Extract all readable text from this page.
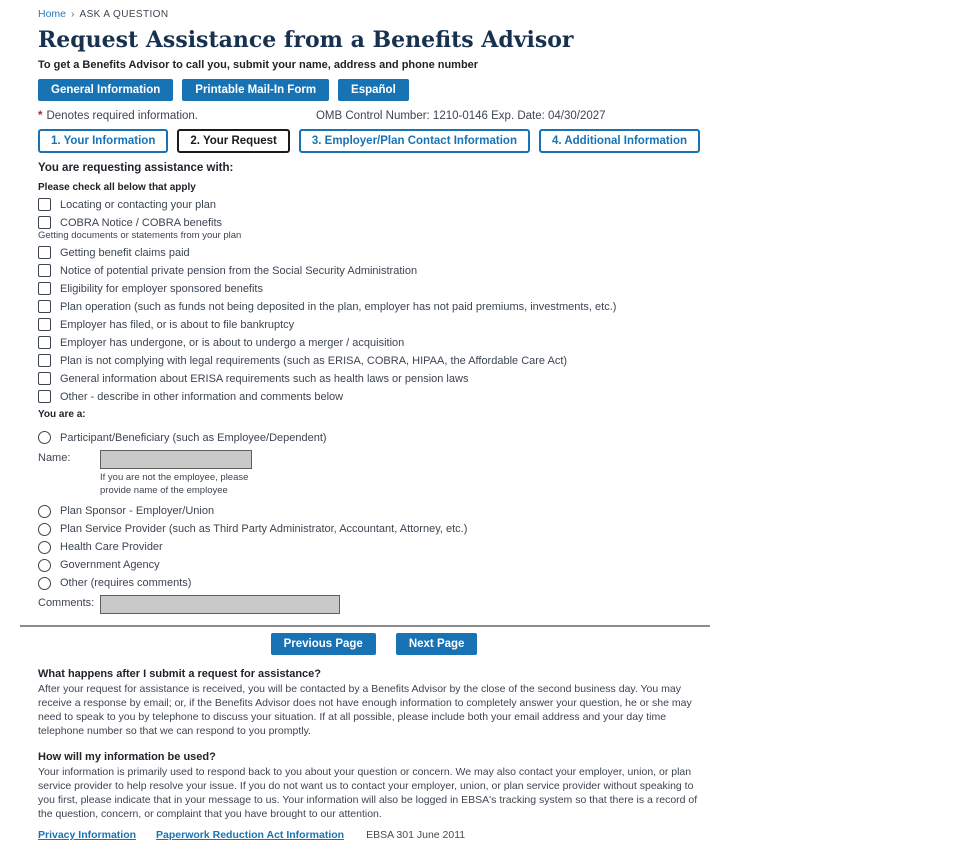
Home › ASK A QUESTION
Request Assistance from a Benefits Advisor
To get a Benefits Advisor to call you, submit your name, address and phone number
General Information	Printable Mail-In Form	Español
* Denotes required information.	OMB Control Number: 1210-0146 Exp. Date: 04/30/2027
1. Your Information	2. Your Request	3. Employer/Plan Contact Information	4. Additional Information
You are requesting assistance with:
Please check all below that apply
Locating or contacting your plan
COBRA Notice / COBRA benefits
Getting documents or statements from your plan
Getting benefit claims paid
Notice of potential private pension from the Social Security Administration
Eligibility for employer sponsored benefits
Plan operation (such as funds not being deposited in the plan, employer has not paid premiums, investments, etc.)
Employer has filed, or is about to file bankruptcy
Employer has undergone, or is about to undergo a merger / acquisition
Plan is not complying with legal requirements (such as ERISA, COBRA, HIPAA, the Affordable Care Act)
General information about ERISA requirements such as health laws or pension laws
Other - describe in other information and comments below
You are a:
Participant/Beneficiary (such as Employee/Dependent)
Name:
If you are not the employee, please provide name of the employee
Plan Sponsor - Employer/Union
Plan Service Provider (such as Third Party Administrator, Accountant, Attorney, etc.)
Health Care Provider
Government Agency
Other (requires comments)
Comments:
Previous Page	Next Page
What happens after I submit a request for assistance?
After your request for assistance is received, you will be contacted by a Benefits Advisor by the close of the second business day. You may receive a response by email; or, if the Benefits Advisor does not have enough information to completely answer your question, he or she may need to speak to you by telephone to discuss your situation. If at all possible, please include both your email address and your day time telephone number so that we can respond to you promptly.
How will my information be used?
Your information is primarily used to respond back to you about your question or concern. We may also contact your employer, union, or plan service provider to help resolve your issue. If you do not want us to contact your employer, union, or plan service provider without speaking to you first, please indicate that in your message to us. Your information will also be logged in EBSA's tracking system so that there is a record of the question, concern, or complaint that you have brought to our attention.
Privacy Information Paperwork Reduction Act Information EBSA 301 June 2011
